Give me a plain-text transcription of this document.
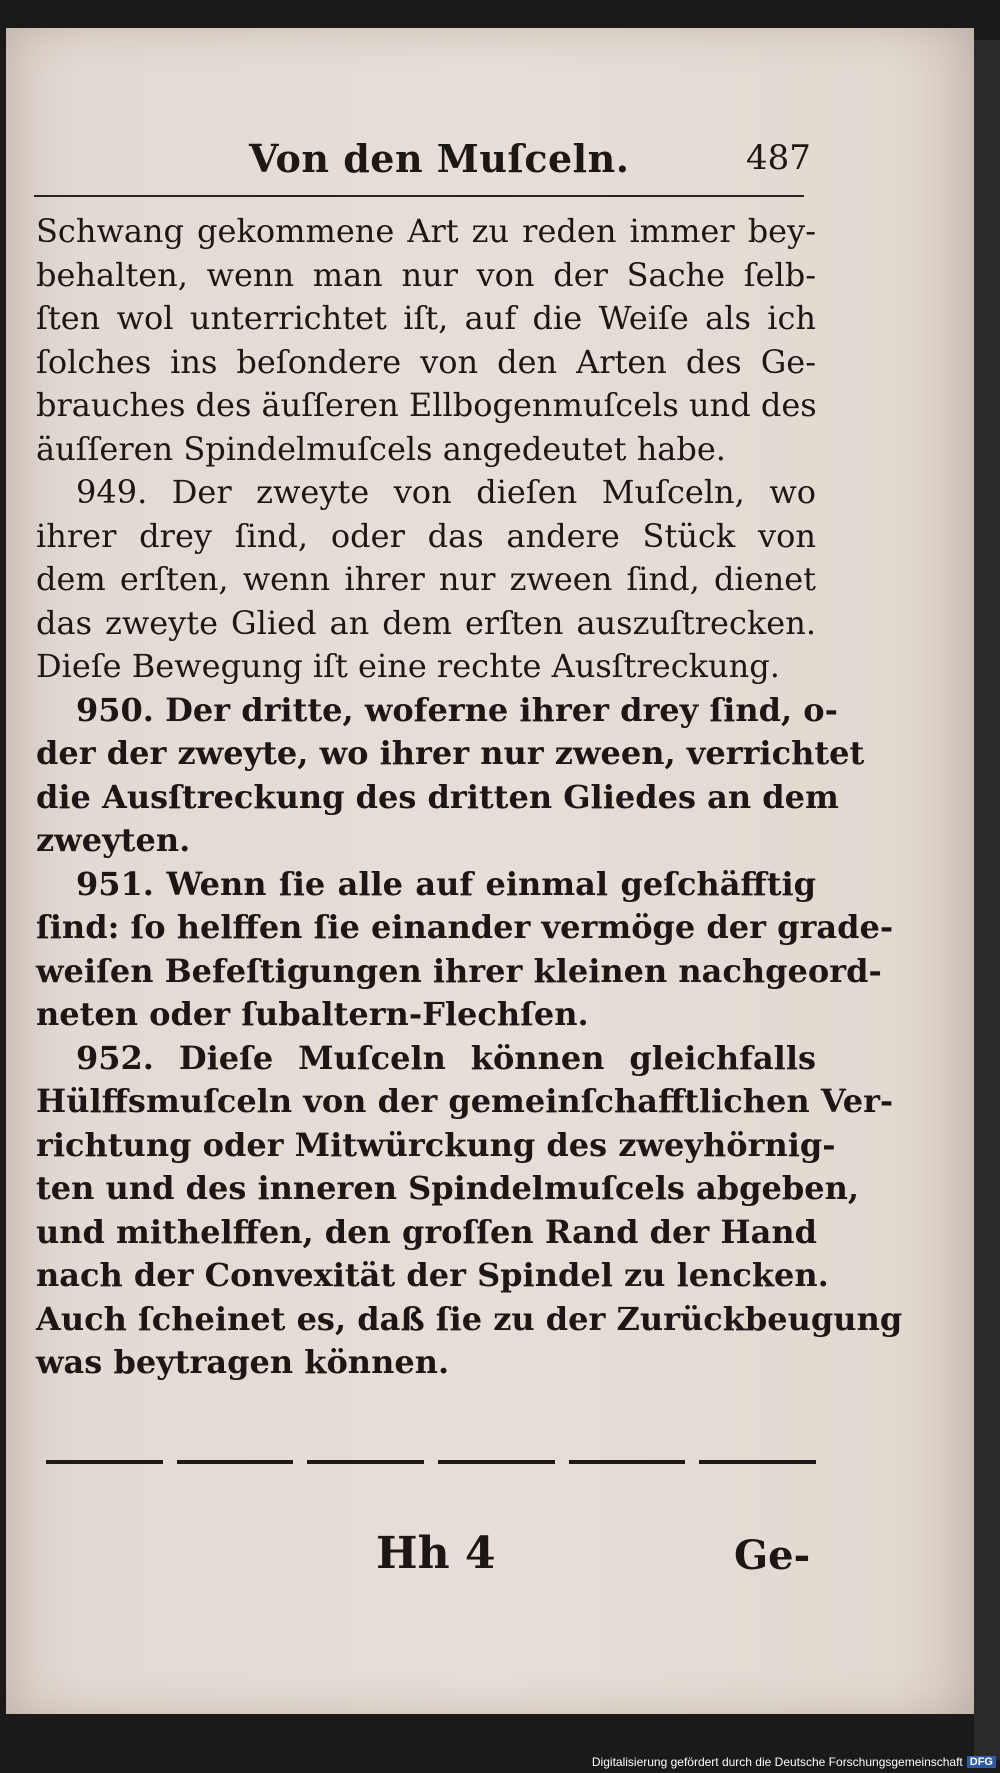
Von den Muſceln.	487
Schwang gekommene Art zu reden immer bey-
behalten, wenn man nur von der Sache ſelb-
ſten wol unterrichtet iſt, auf die Weiſe als ich
ſolches ins beſondere von den Arten des Ge-
brauches des äuſſeren Ellbogenmuſcels und des
äuſſeren Spindelmuſcels angedeutet habe.
949. Der zweyte von dieſen Muſceln, wo
ihrer drey ſind, oder das andere Stück von
dem erſten, wenn ihrer nur zween ſind, dienet
das zweyte Glied an dem erſten auszuſtrecken.
Dieſe Bewegung iſt eine rechte Ausſtreckung.
950. Der dritte, woferne ihrer drey ſind, o-
der der zweyte, wo ihrer nur zween, verrichtet
die Ausſtreckung des dritten Gliedes an dem
zweyten.
951. Wenn ſie alle auf einmal geſchäfftig
ſind: ſo helffen ſie einander vermöge der grade-
weiſen Befeſtigungen ihrer kleinen nachgeord-
neten oder ſubaltern-Flechſen.
952. Dieſe Muſceln können gleichfalls
Hülffsmuſceln von der gemeinſchafftlichen Ver-
richtung oder Mitwürckung des zweyhörnig-
ten und des inneren Spindelmuſcels abgeben,
und mithelffen, den groſſen Rand der Hand
nach der Convexität der Spindel zu lencken.
Auch ſcheinet es, daß ſie zu der Zurückbeugung
was beytragen können.
Hh 4	Ge-
Digitalisierung gefördert durch die Deutsche Forschungsgemeinschaft DFG
